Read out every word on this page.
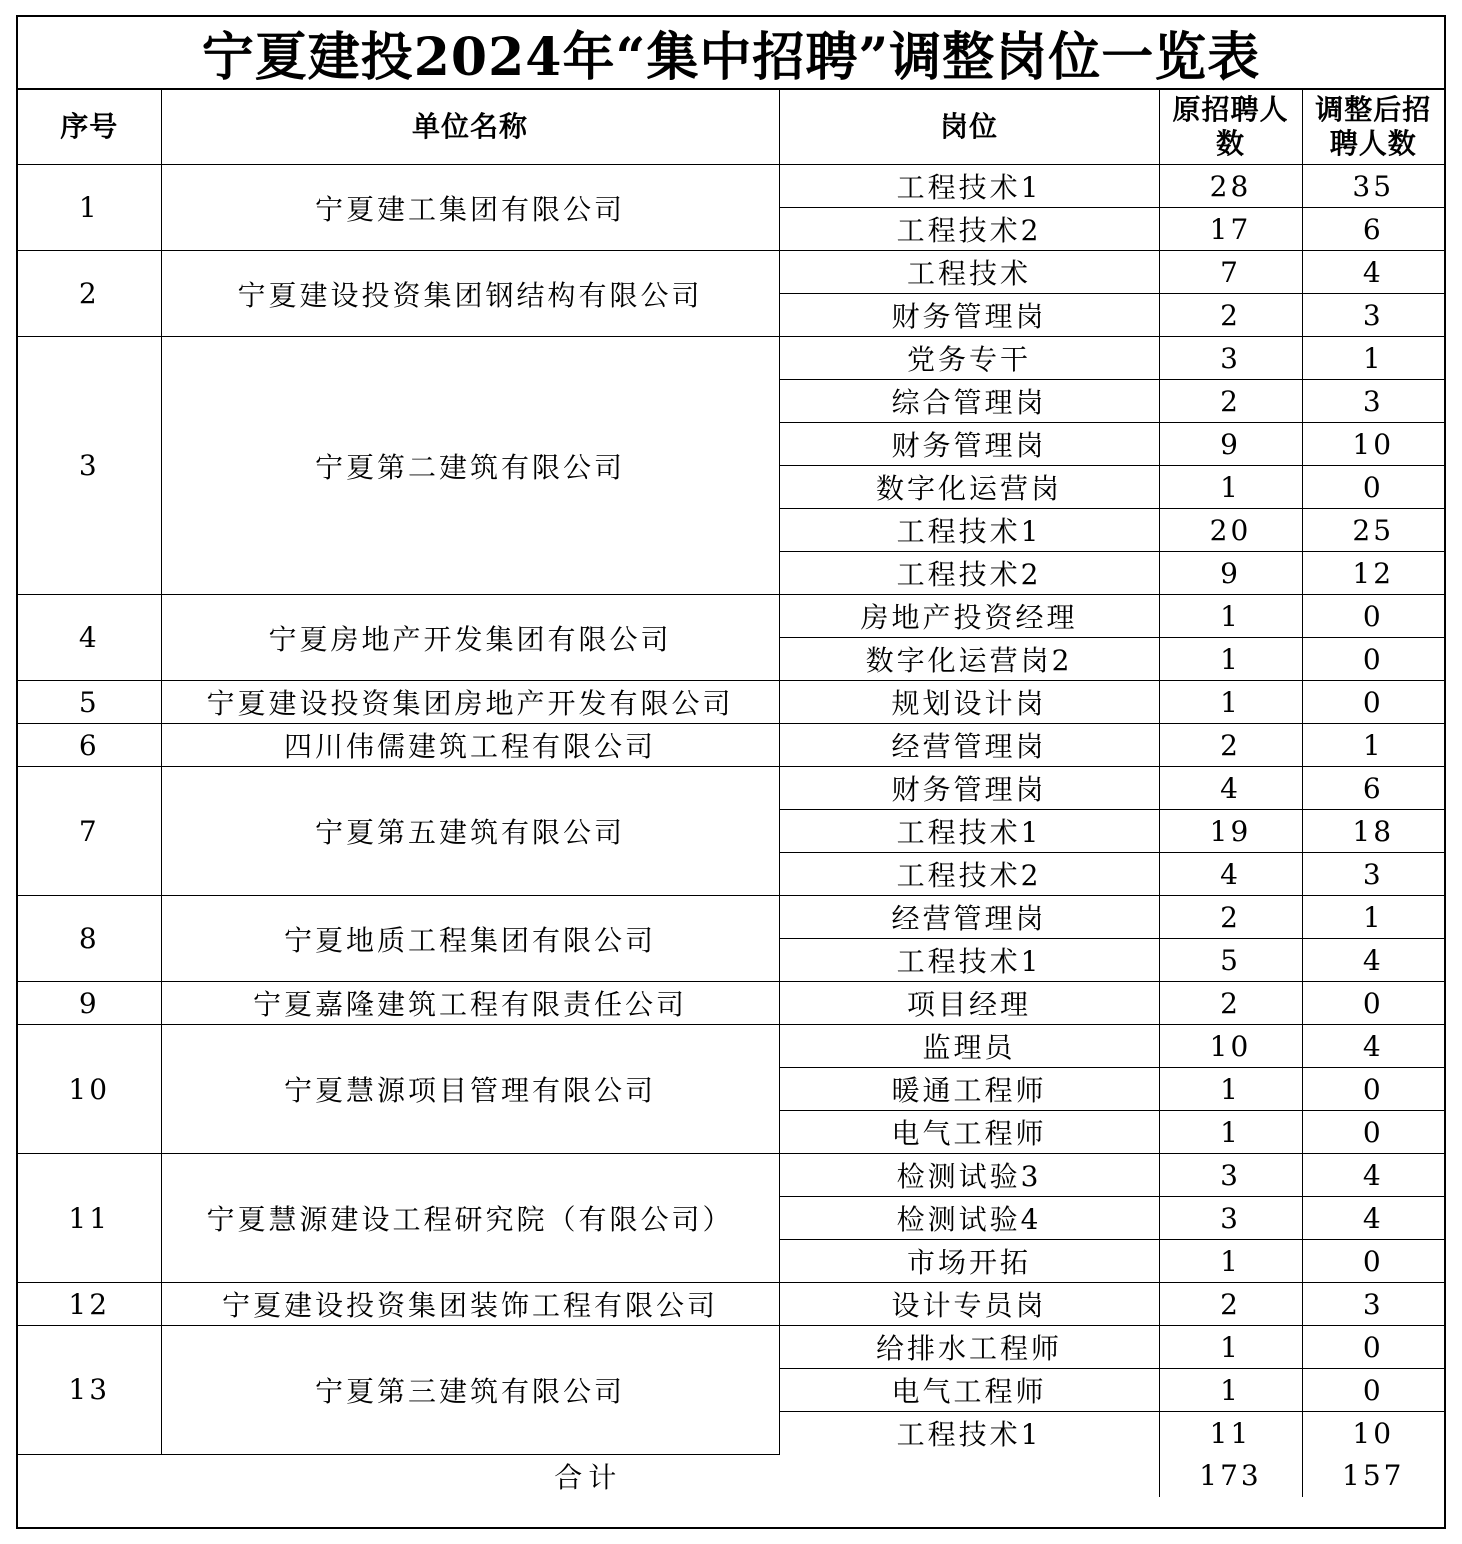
宁夏建投2024年“集中招聘”调整岗位一览表
序号	单位名称	岗位	原招聘人数	调整后招聘人数
1	宁夏建工集团有限公司	工程技术1	28	35
		工程技术2	17	6
2	宁夏建设投资集团钢结构有限公司	工程技术	7	4
		财务管理岗	2	3
3	宁夏第二建筑有限公司	党务专干	3	1
		综合管理岗	2	3
		财务管理岗	9	10
		数字化运营岗	1	0
		工程技术1	20	25
		工程技术2	9	12
4	宁夏房地产开发集团有限公司	房地产投资经理	1	0
		数字化运营岗2	1	0
5	宁夏建设投资集团房地产开发有限公司	规划设计岗	1	0
6	四川伟儒建筑工程有限公司	经营管理岗	2	1
7	宁夏第五建筑有限公司	财务管理岗	4	6
		工程技术1	19	18
		工程技术2	4	3
8	宁夏地质工程集团有限公司	经营管理岗	2	1
		工程技术1	5	4
9	宁夏嘉隆建筑工程有限责任公司	项目经理	2	0
10	宁夏慧源项目管理有限公司	监理员	10	4
		暖通工程师	1	0
		电气工程师	1	0
11	宁夏慧源建设工程研究院（有限公司）	检测试验3	3	4
		检测试验4	3	4
		市场开拓	1	0
12	宁夏建设投资集团装饰工程有限公司	设计专员岗	2	3
13	宁夏第三建筑有限公司	给排水工程师	1	0
		电气工程师	1	0
		工程技术1	11	10
合计			173	157
